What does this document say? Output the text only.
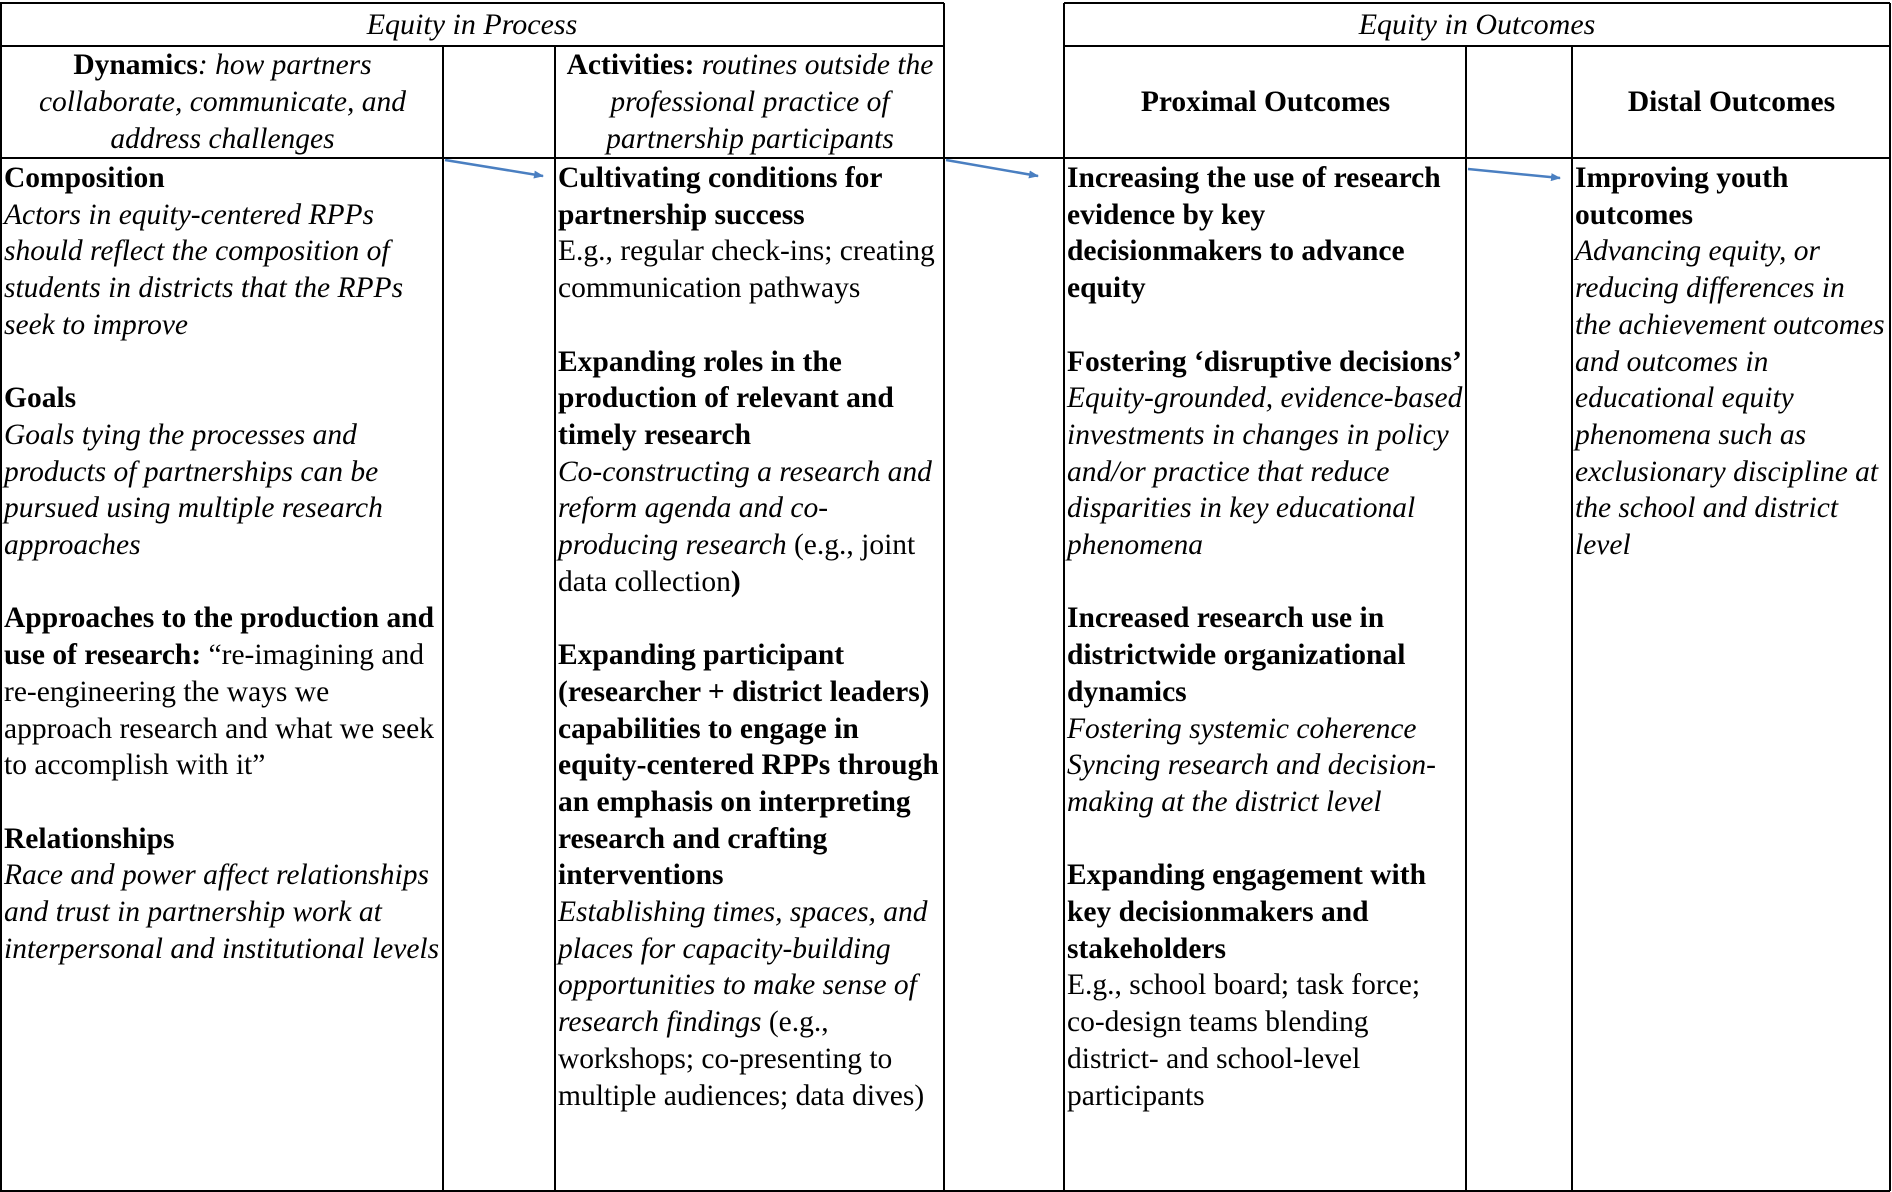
Equity in Process	Equity in Outcomes
Dynamics: how partners collaborate, communicate, and address challenges
Activities: routines outside the professional practice of partnership participants
Proximal Outcomes	Distal Outcomes
Composition
Actors in equity-centered RPPs should reflect the composition of students in districts that the RPPs seek to improve
Goals
Goals tying the processes and products of partnerships can be pursued using multiple research approaches
Approaches to the production and use of research: “re-imagining and re-engineering the ways we approach research and what we seek to accomplish with it”
Relationships
Race and power affect relationships and trust in partnership work at interpersonal and institutional levels
Cultivating conditions for partnership success
E.g., regular check-ins; creating communication pathways
Expanding roles in the production of relevant and timely research
Co-constructing a research and reform agenda and co-producing research (e.g., joint data collection)
Expanding participant (researcher + district leaders) capabilities to engage in equity-centered RPPs through an emphasis on interpreting research and crafting interventions
Establishing times, spaces, and places for capacity-building opportunities to make sense of research findings (e.g., workshops; co-presenting to multiple audiences; data dives)
Increasing the use of research evidence by key decisionmakers to advance equity
Fostering ‘disruptive decisions’
Equity-grounded, evidence-based investments in changes in policy and/or practice that reduce disparities in key educational phenomena
Increased research use in districtwide organizational dynamics
Fostering systemic coherence
Syncing research and decision-making at the district level
Expanding engagement with key decisionmakers and stakeholders
E.g., school board; task force; co-design teams blending district- and school-level participants
Improving youth outcomes
Advancing equity, or reducing differences in the achievement outcomes and outcomes in educational equity phenomena such as exclusionary discipline at the school and district level
